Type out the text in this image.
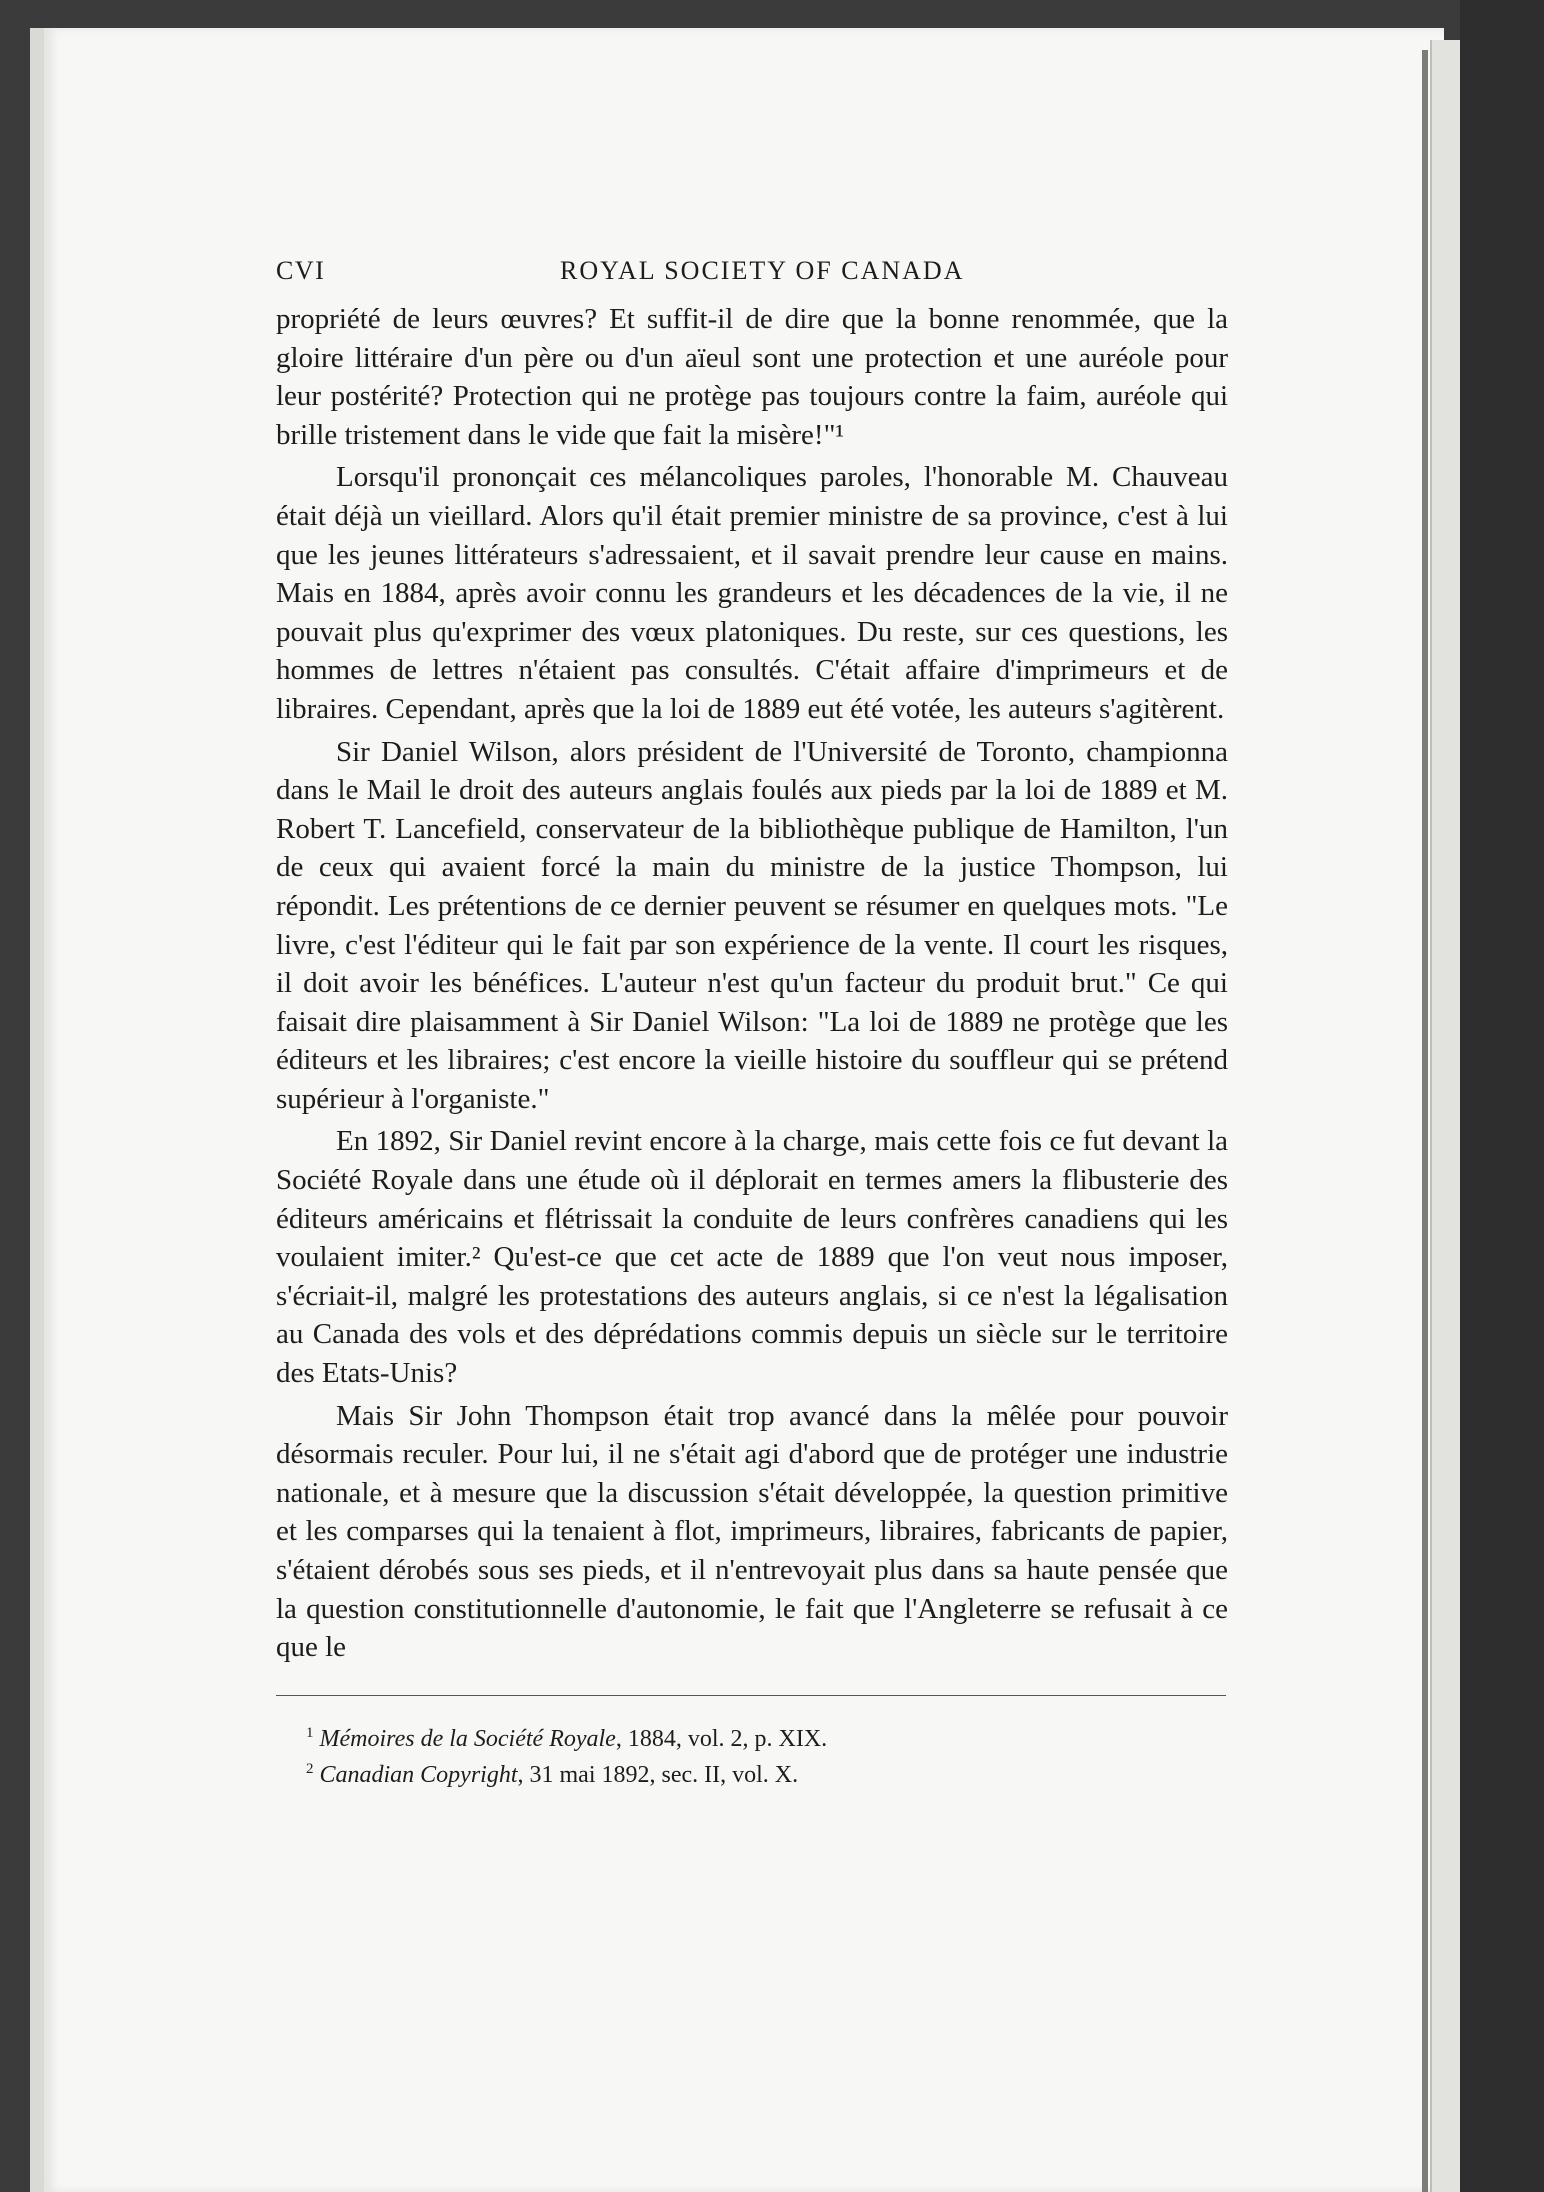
CVI	ROYAL SOCIETY OF CANADA

propriété de leurs œuvres? Et suffit-il de dire que la bonne renommée, que la gloire littéraire d'un père ou d'un aïeul sont une protection et une auréole pour leur postérité? Protection qui ne protège pas toujours contre la faim, auréole qui brille tristement dans le vide que fait la misère!"¹

Lorsqu'il prononçait ces mélancoliques paroles, l'honorable M. Chauveau était déjà un vieillard. Alors qu'il était premier ministre de sa province, c'est à lui que les jeunes littérateurs s'adressaient, et il savait prendre leur cause en mains. Mais en 1884, après avoir connu les grandeurs et les décadences de la vie, il ne pouvait plus qu'exprimer des vœux platoniques. Du reste, sur ces questions, les hommes de lettres n'étaient pas consultés. C'était affaire d'imprimeurs et de libraires. Cependant, après que la loi de 1889 eut été votée, les auteurs s'agitèrent.

Sir Daniel Wilson, alors président de l'Université de Toronto, championna dans le Mail le droit des auteurs anglais foulés aux pieds par la loi de 1889 et M. Robert T. Lancefield, conservateur de la bibliothèque publique de Hamilton, l'un de ceux qui avaient forcé la main du ministre de la justice Thompson, lui répondit. Les prétentions de ce dernier peuvent se résumer en quelques mots. "Le livre, c'est l'éditeur qui le fait par son expérience de la vente. Il court les risques, il doit avoir les bénéfices. L'auteur n'est qu'un facteur du produit brut." Ce qui faisait dire plaisamment à Sir Daniel Wilson: "La loi de 1889 ne protège que les éditeurs et les libraires; c'est encore la vieille histoire du souffleur qui se prétend supérieur à l'organiste."

En 1892, Sir Daniel revint encore à la charge, mais cette fois ce fut devant la Société Royale dans une étude où il déplorait en termes amers la flibusterie des éditeurs américains et flétrissait la conduite de leurs confrères canadiens qui les voulaient imiter.² Qu'est-ce que cet acte de 1889 que l'on veut nous imposer, s'écriait-il, malgré les protestations des auteurs anglais, si ce n'est la légalisation au Canada des vols et des déprédations commis depuis un siècle sur le territoire des Etats-Unis?

Mais Sir John Thompson était trop avancé dans la mêlée pour pouvoir désormais reculer. Pour lui, il ne s'était agi d'abord que de protéger une industrie nationale, et à mesure que la discussion s'était développée, la question primitive et les comparses qui la tenaient à flot, imprimeurs, libraires, fabricants de papier, s'étaient dérobés sous ses pieds, et il n'entrevoyait plus dans sa haute pensée que la question constitutionnelle d'autonomie, le fait que l'Angleterre se refusait à ce que le

$^1$ Mémoires de la Société Royale, 1884, vol. 2, p. XIX.

$^2$ Canadian Copyright, 31 mai 1892, sec. II, vol. X.
